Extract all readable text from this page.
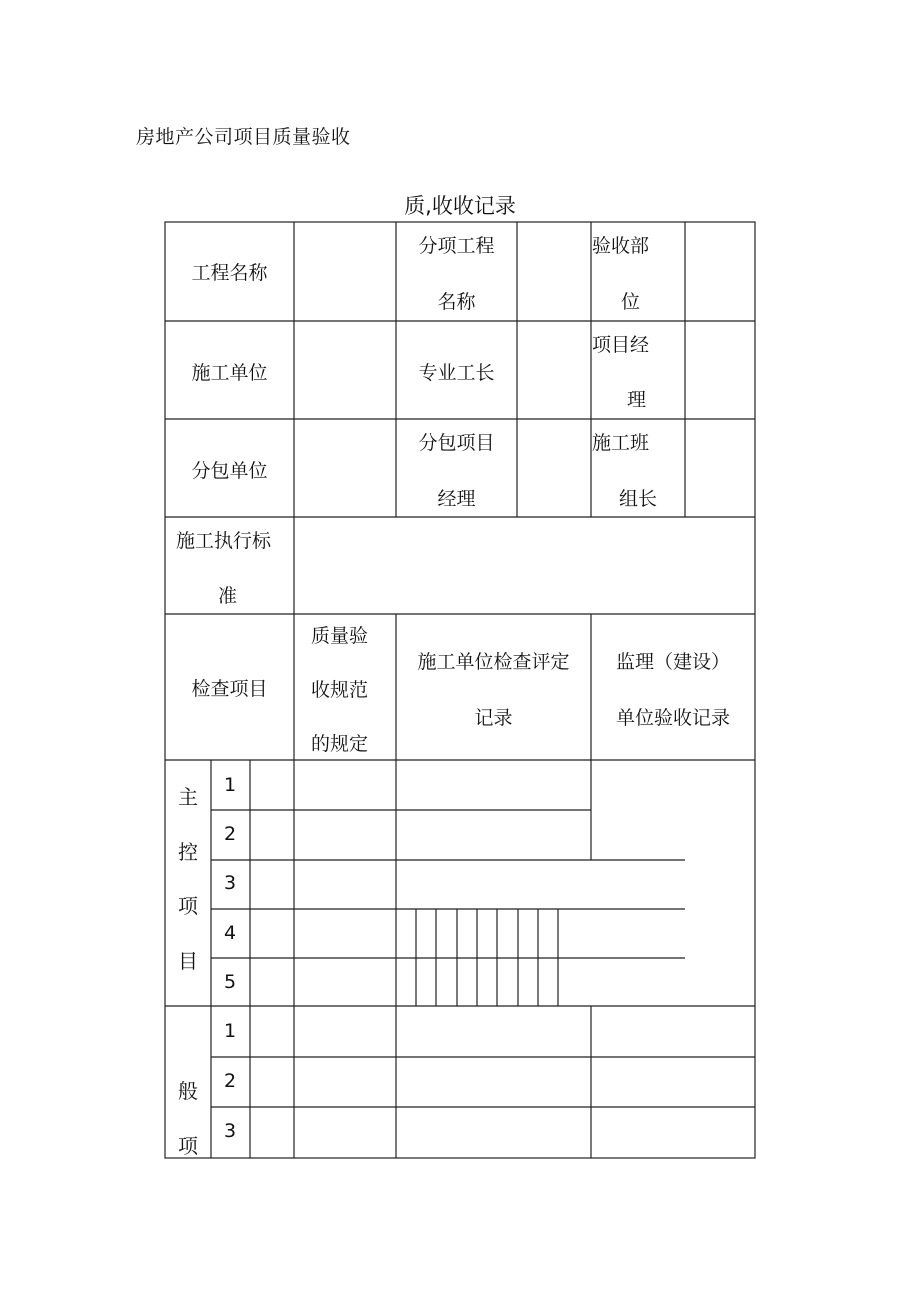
房地产公司项目质量验收
质,收收记录
工程名称
分项工程
名称
验收部
位
施工单位	专业工长
项目经
理
分包单位
分包项目
经理
施工班
组长
施工执行标
准
检查项目
质量验
收规范
的规定
施工单位检查评定
记录
监理（建设）
单位验收记录
主
控
项
目
1
2
3
4
5
般
项
1
2
3
